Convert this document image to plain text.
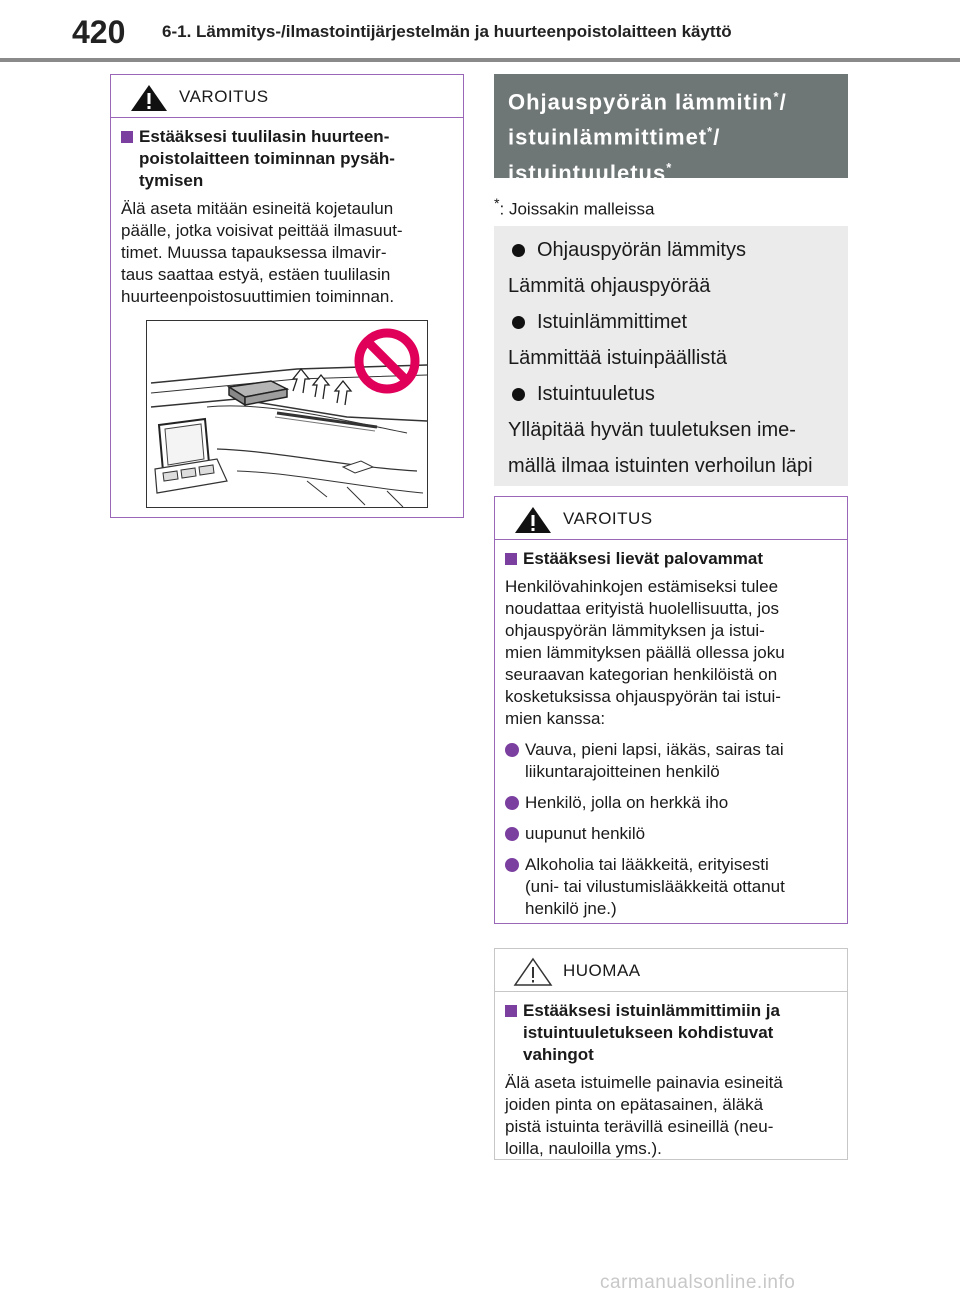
420 6-1. Lämmitys-/ilmastointijärjestelmän ja huurteenpoistolaitteen käyttö
VAROITUS
Estääksesi tuulilasin huurteen-
poistolaitteen toiminnan pysäh-
tymisen
Älä aseta mitään esineitä kojetaulun
päälle, jotka voisivat peittää ilmasuut-
timet. Muussa tapauksessa ilmavir-
taus saattaa estyä, estäen tuulilasin
huurteenpoistosuuttimien toiminnan.
Ohjauspyörän lämmitin*/
istuinlämmittimet*/
istuintuuletus*
*: Joissakin malleissa
Ohjauspyörän lämmitys
Lämmitä ohjauspyörää
Istuinlämmittimet
Lämmittää istuinpäällistä
Istuintuuletus
Ylläpitää hyvän tuuletuksen ime-
mällä ilmaa istuinten verhoilun läpi
VAROITUS
Estääksesi lievät palovammat
Henkilövahinkojen estämiseksi tulee
noudattaa erityistä huolellisuutta, jos
ohjauspyörän lämmityksen ja istui-
mien lämmityksen päällä ollessa joku
seuraavan kategorian henkilöistä on
kosketuksissa ohjauspyörän tai istui-
mien kanssa:
Vauva, pieni lapsi, iäkäs, sairas tai
liikuntarajoitteinen henkilö
Henkilö, jolla on herkkä iho
uupunut henkilö
Alkoholia tai lääkkeitä, erityisesti
(uni- tai vilustumislääkkeitä ottanut
henkilö jne.)
HUOMAA
Estääksesi istuinlämmittimiin ja
istuintuuletukseen kohdistuvat
vahingot
Älä aseta istuimelle painavia esineitä
joiden pinta on epätasainen, äläkä
pistä istuinta terävillä esineillä (neu-
loilla, nauloilla yms.).
carmanualsonline.info
